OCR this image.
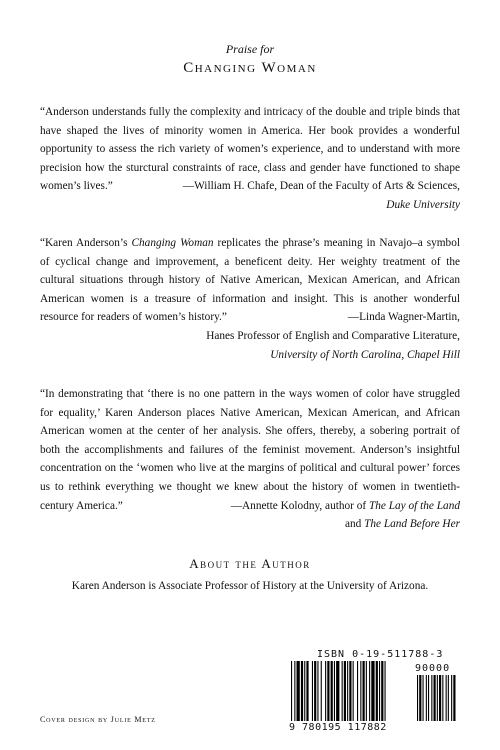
Praise for
Changing Woman

“Anderson understands fully the complexity and intricacy of the double and triple binds that have shaped the lives of minority women in America. Her book provides a wonderful opportunity to assess the rich variety of women’s experience, and to understand with more precision how the sturctural constraints of race, class and gender have functioned to shape women’s lives.”	—William H. Chafe, Dean of the Faculty of Arts & Sciences,

Duke University

“Karen Anderson’s Changing Woman replicates the phrase’s meaning in Navajo–a symbol of cyclical change and improvement, a beneficent deity. Her weighty treatment of the cultural situations through history of Native American, Mexican American, and African American women is a treasure of information and insight. This is another wonderful resource for readers of women’s history.”	—Linda Wagner-Martin,

Hanes Professor of English and Comparative Literature,
University of North Carolina, Chapel Hill

“In demonstrating that ‘there is no one pattern in the ways women of color have struggled for equality,’ Karen Anderson places Native American, Mexican American, and African American women at the center of her analysis. She offers, thereby, a sobering portrait of both the accomplishments and failures of the feminist movement. Anderson’s insightful concentration on the ‘women who live at the margins of political and cultural power’ forces us to rethink everything we thought we knew about the history of women in twentieth-century America.”	—Annette Kolodny, author of The Lay of the Land

and The Land Before Her
About the Author
Karen Anderson is Associate Professor of History at the University of Arizona.
ISBN 0-19-511788-3
90000
9 780195 117882
Cover design by Julie Metz
